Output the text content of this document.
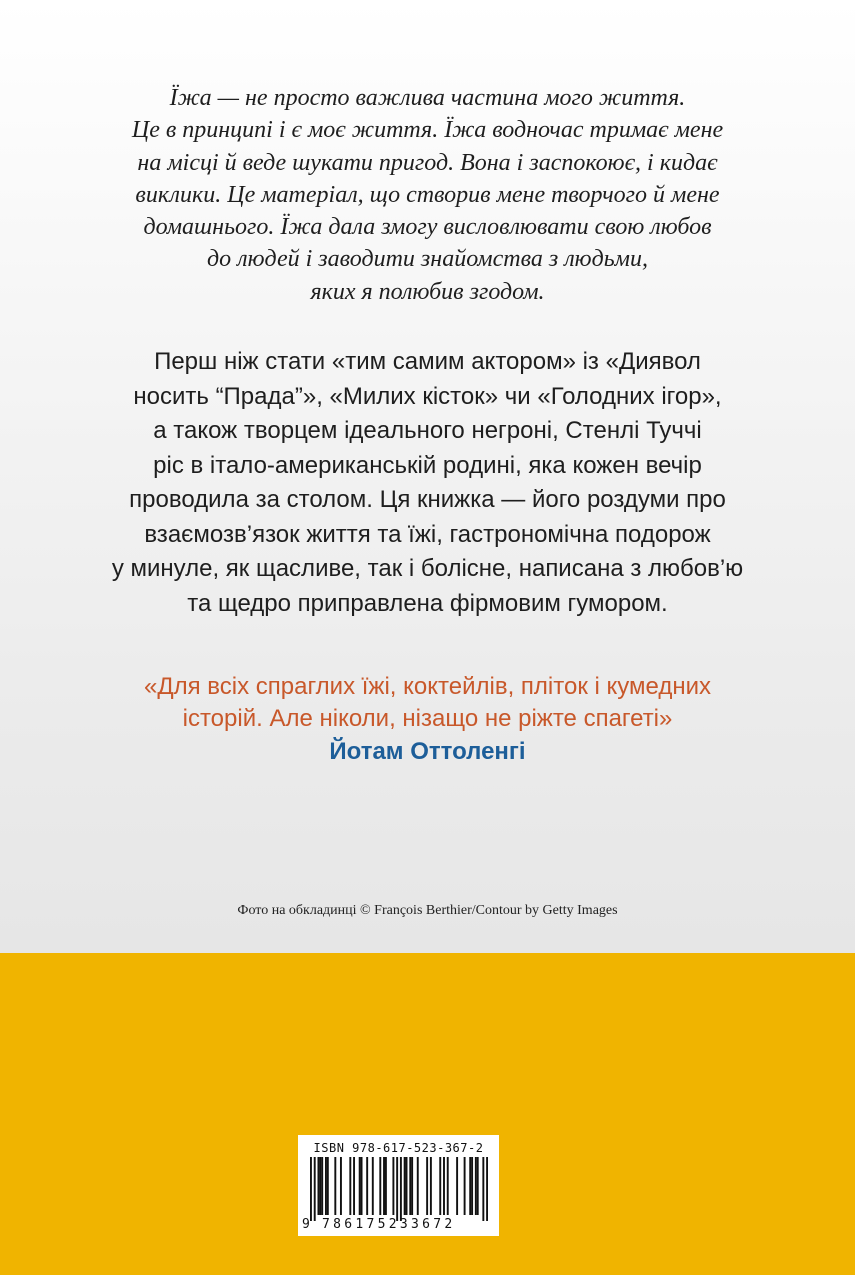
Їжа — не просто важлива частина мого життя.
Це в принципі і є моє життя. Їжа водночас тримає мене
на місці й веде шукати пригод. Вона і заспокоює, і кидає
виклики. Це матеріал, що створив мене творчого й мене
домашнього. Їжа дала змогу висловлювати свою любов
до людей і заводити знайомства з людьми,
яких я полюбив згодом.

Перш ніж стати «тим самим актором» із «Диявол
носить “Прада”», «Милих кісток» чи «Голодних ігор»,
а також творцем ідеального негроні, Стенлі Туччі
ріс в італо-американській родині, яка кожен вечір
проводила за столом. Ця книжка — його роздуми про
взаємозв’язок життя та їжі, гастрономічна подорож
у минуле, як щасливе, так і болісне, написана з любов’ю
та щедро приправлена фірмовим гумором.

«Для всіх спраглих їжі, коктейлів, пліток і кумедних
історій. Але ніколи, нізащо не ріжте спагеті»

Йотам Оттоленгі
Фото на обкладинці © François Berthier/Contour by Getty Images
ISBN 978-617-523-367-2
9 786175233672
